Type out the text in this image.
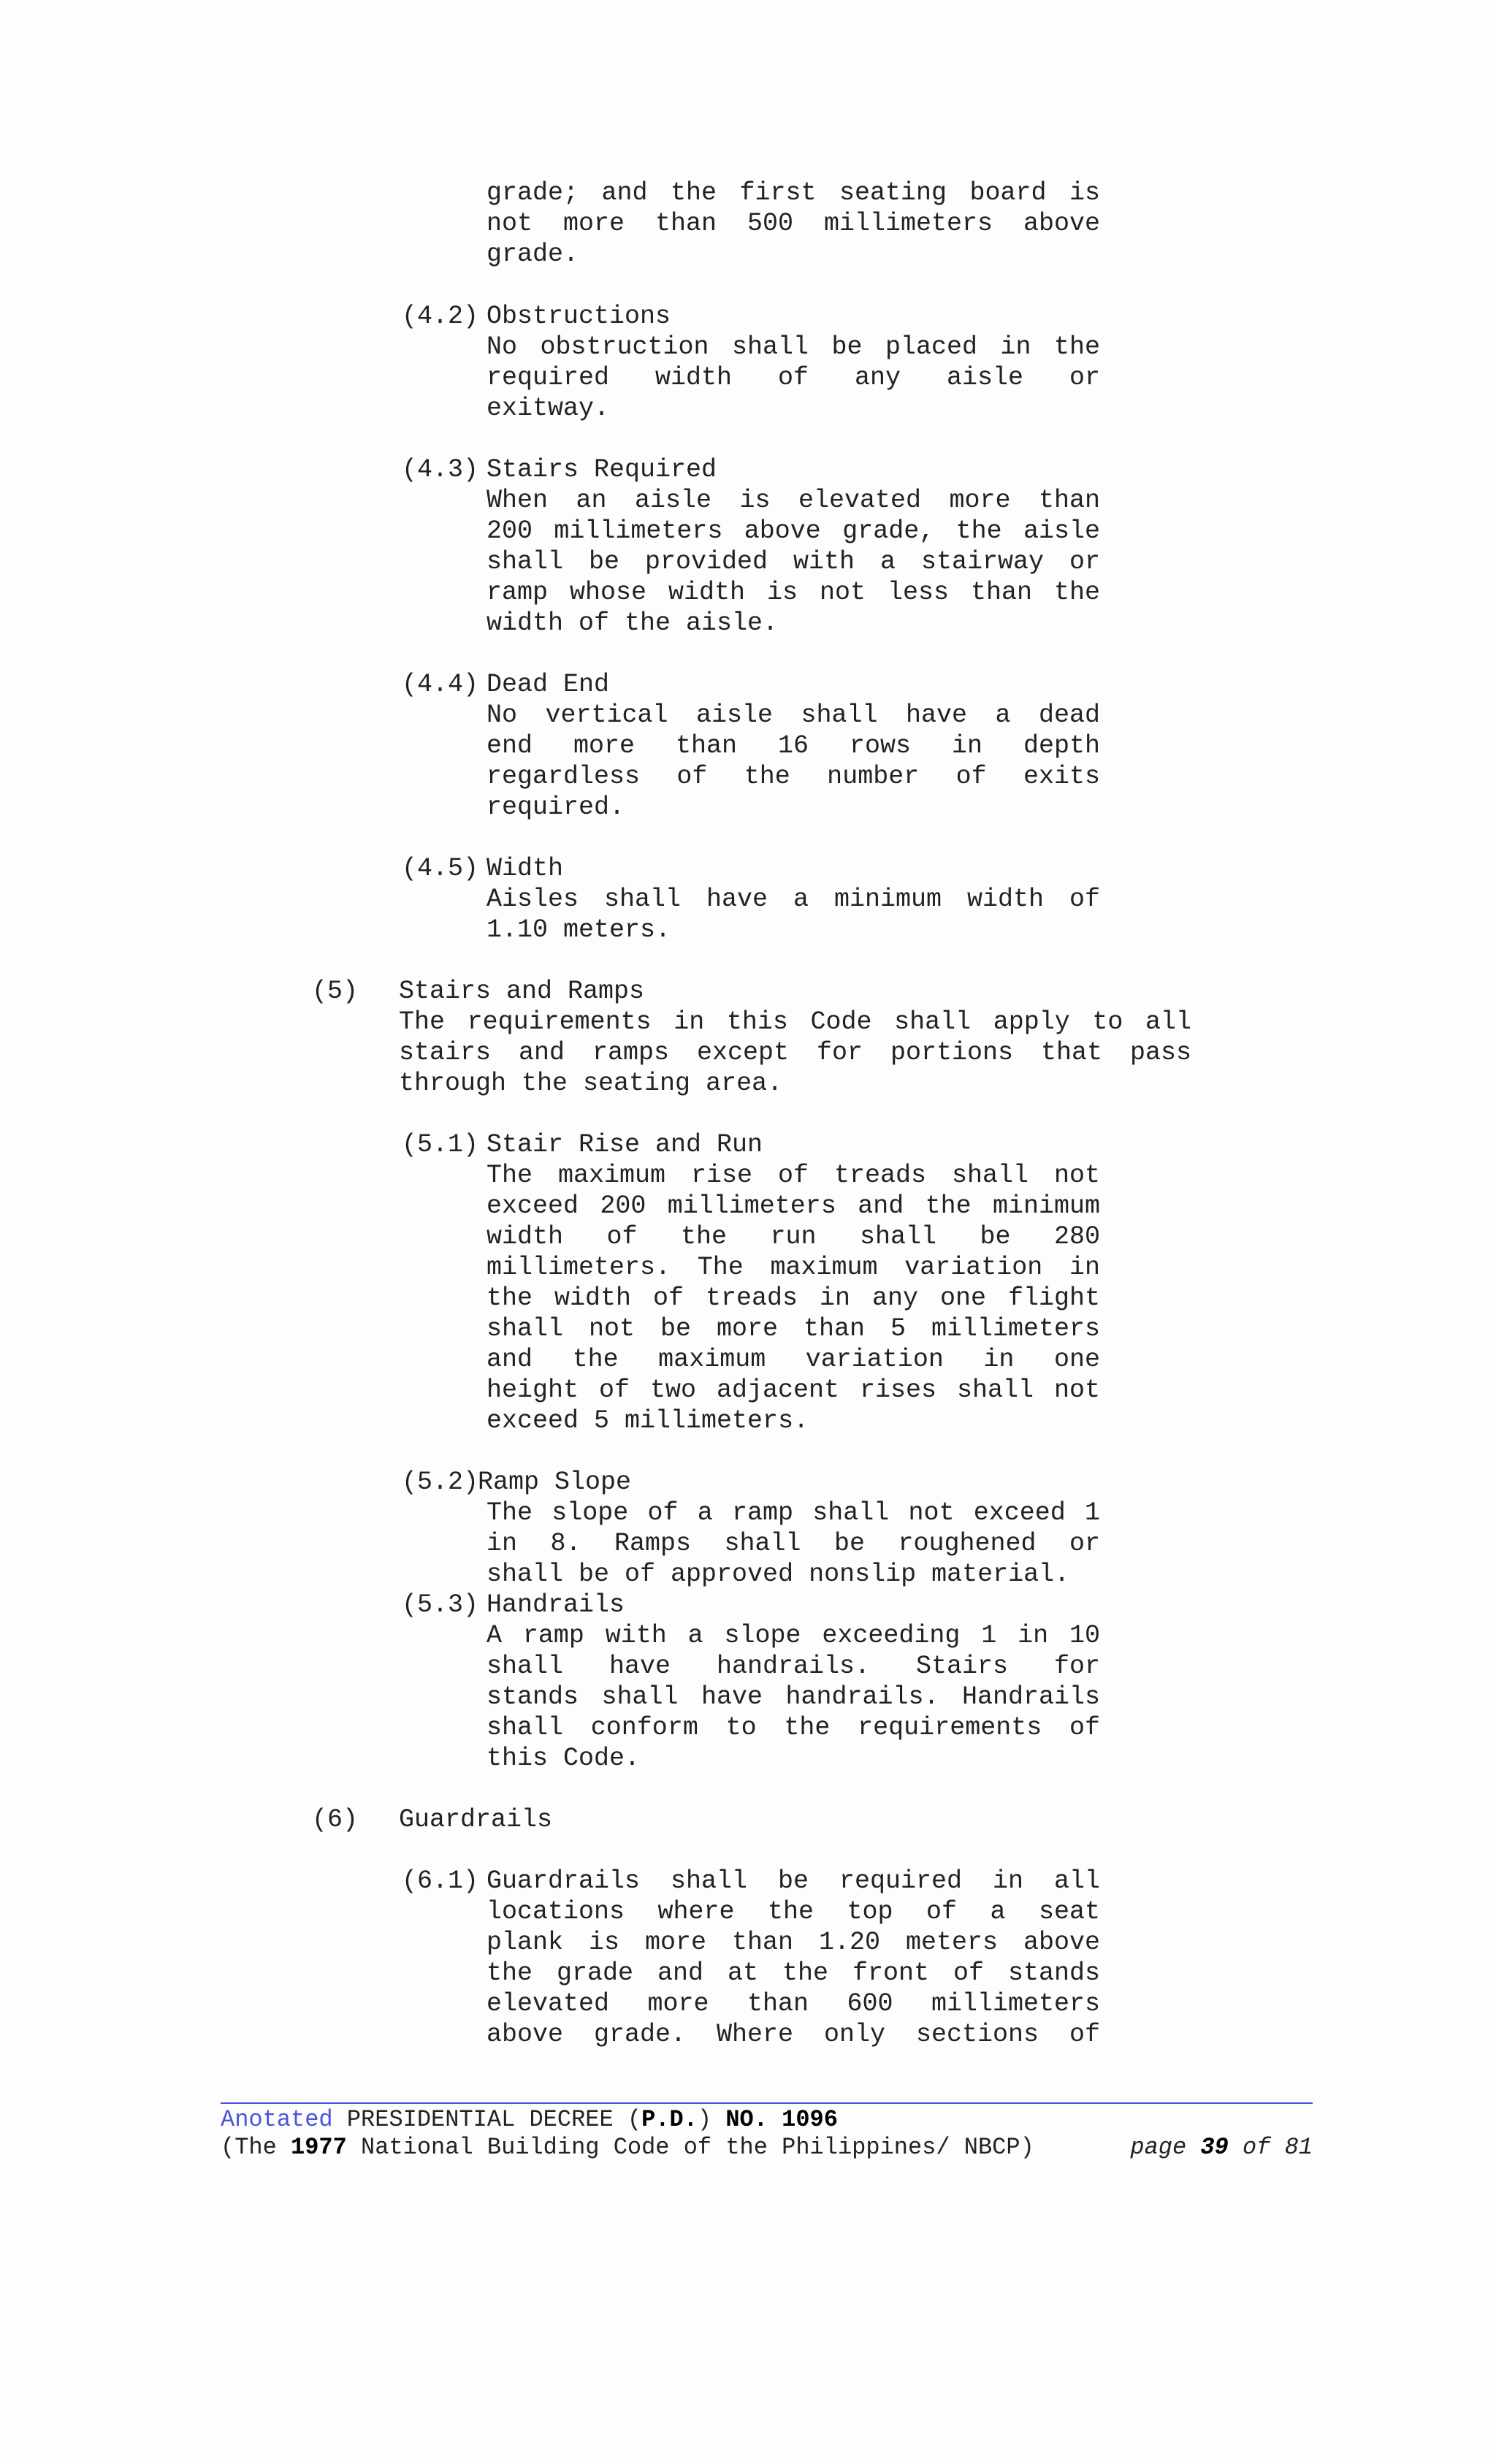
grade; and the first seating board is
not more than 500 millimeters above
grade.
(4.2) Obstructions
No obstruction shall be placed in the
required width of any aisle or
exitway.
(4.3) Stairs Required
When an aisle is elevated more than
200 millimeters above grade, the aisle
shall be provided with a stairway or
ramp whose width is not less than the
width of the aisle.
(4.4) Dead End
No vertical aisle shall have a dead
end more than 16 rows in depth
regardless of the number of exits
required.
(4.5) Width
Aisles shall have a minimum width of
1.10 meters.
(5) Stairs and Ramps
The requirements in this Code shall apply to all
stairs and ramps except for portions that pass
through the seating area.
(5.1) Stair Rise and Run
The maximum rise of treads shall not
exceed 200 millimeters and the minimum
width of the run shall be 280
millimeters. The maximum variation in
the width of treads in any one flight
shall not be more than 5 millimeters
and the maximum variation in one
height of two adjacent rises shall not
exceed 5 millimeters.
(5.2)
Ramp Slope
The slope of a ramp shall not exceed 1
in 8. Ramps shall be roughened or
shall be of approved nonslip material.
(5.3) Handrails
A ramp with a slope exceeding 1 in 10
shall have handrails. Stairs for
stands shall have handrails. Handrails
shall conform to the requirements of
this Code.
(6) Guardrails
(6.1) Guardrails shall be required in all
locations where the top of a seat
plank is more than 1.20 meters above
the grade and at the front of stands
elevated more than 600 millimeters
above grade. Where only sections of
Anotated PRESIDENTIAL DECREE (P.D.) NO. 1096
(The 1977 National Building Code of the Philippines/ NBCP)	page 39 of 81
